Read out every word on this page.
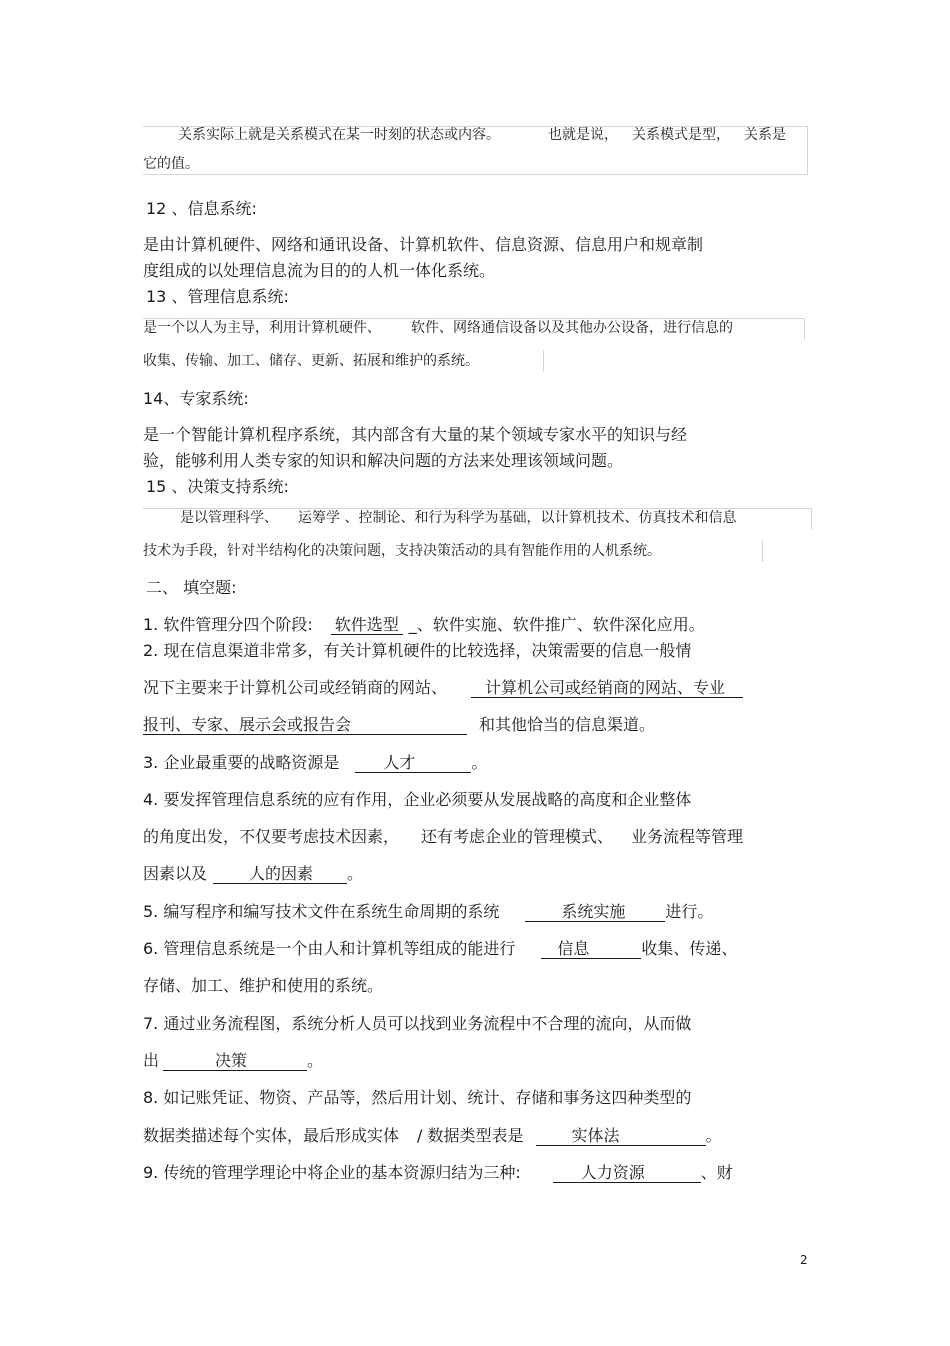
关系实际上就是关系模式在某一时刻的状态或内容。	也就是说， 关系模式是型， 关系是
它的值。
12 、信息系统:
是由计算机硬件、网络和通讯设备、计算机软件、信息资源、信息用户和规章制
度组成的以处理信息流为目的的人机一体化系统。
13 、管理信息系统:
是一个以人为主导，利用计算机硬件、 软件、网络通信设备以及其他办公设备，进行信息的
收集、传输、加工、储存、更新、拓展和维护的系统。
14、专家系统:
是一个智能计算机程序系统，其内部含有大量的某个领域专家水平的知识与经
验，能够利用人类专家的知识和解决问题的方法来处理该领域问题。
15 、决策支持系统:
是以管理科学、 运筹学 、控制论、和行为科学为基础，以计算机技术、仿真技术和信息
技术为手段，针对半结构化的决策问题，支持决策活动的具有智能作用的人机系统。
二、 填空题:
1. 软件管理分四个阶段: 软件选型 _、软件实施、软件推广、软件深化应用。
2. 现在信息渠道非常多，有关计算机硬件的比较选择，决策需要的信息一般情
况下主要来于计算机公司或经销商的网站、 计算机公司或经销商的网站、专业
报刊、专家、展示会或报告会	和其他恰当的信息渠道。
3. 企业最重要的战略资源是	人才	。
4. 要发挥管理信息系统的应有作用，企业必须要从发展战略的高度和企业整体
的角度出发，不仅要考虑技术因素， 还有考虑企业的管理模式、 业务流程等管理
因素以及	人的因素 。
5. 编写程序和编写技术文件在系统生命周期的系统	系统实施	进行。
6. 管理信息系统是一个由人和计算机等组成的能进行	信息	收集、传递、
存储、加工、维护和使用的系统。
7. 通过业务流程图，系统分析人员可以找到业务流程中不合理的流向，从而做
出	决策	。
8. 如记账凭证、物资、产品等，然后用计划、统计、存储和事务这四种类型的
数据类描述每个实体，最后形成实体 / 数据类型表是	实体法	。
9. 传统的管理学理论中将企业的基本资源归结为三种:	人力资源	、财
2
